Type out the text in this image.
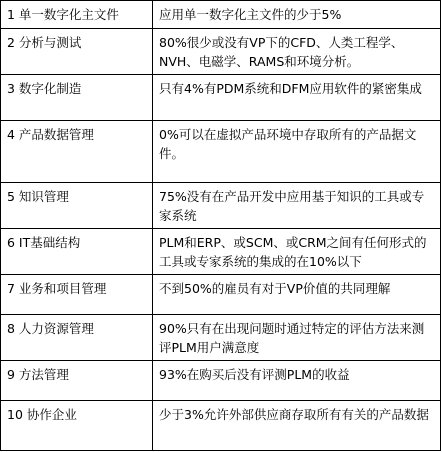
1 单一数字化主文件	应用单一数字化主文件的少于5%
2 分析与测试	80%很少或没有VP下的CFD、人类工程学、NVH、电磁学、RAMS和环境分析。
3 数字化制造	只有4%有PDM系统和DFM应用软件的紧密集成
4 产品数据管理	0%可以在虚拟产品环境中存取所有的产品据文件。
5 知识管理	75%没有在产品开发中应用基于知识的工具或专家系统
6 IT基础结构	PLM和ERP、或SCM、或CRM之间有任何形式的工具或专家系统的集成的在10%以下
7 业务和项目管理	不到50%的雇员有对于VP价值的共同理解
8 人力资源管理	90%只有在出现问题时通过特定的评估方法来测评PLM用户满意度
9 方法管理	93%在购买后没有评测PLM的收益
10 协作企业	少于3%允许外部供应商存取所有有关的产品数据
